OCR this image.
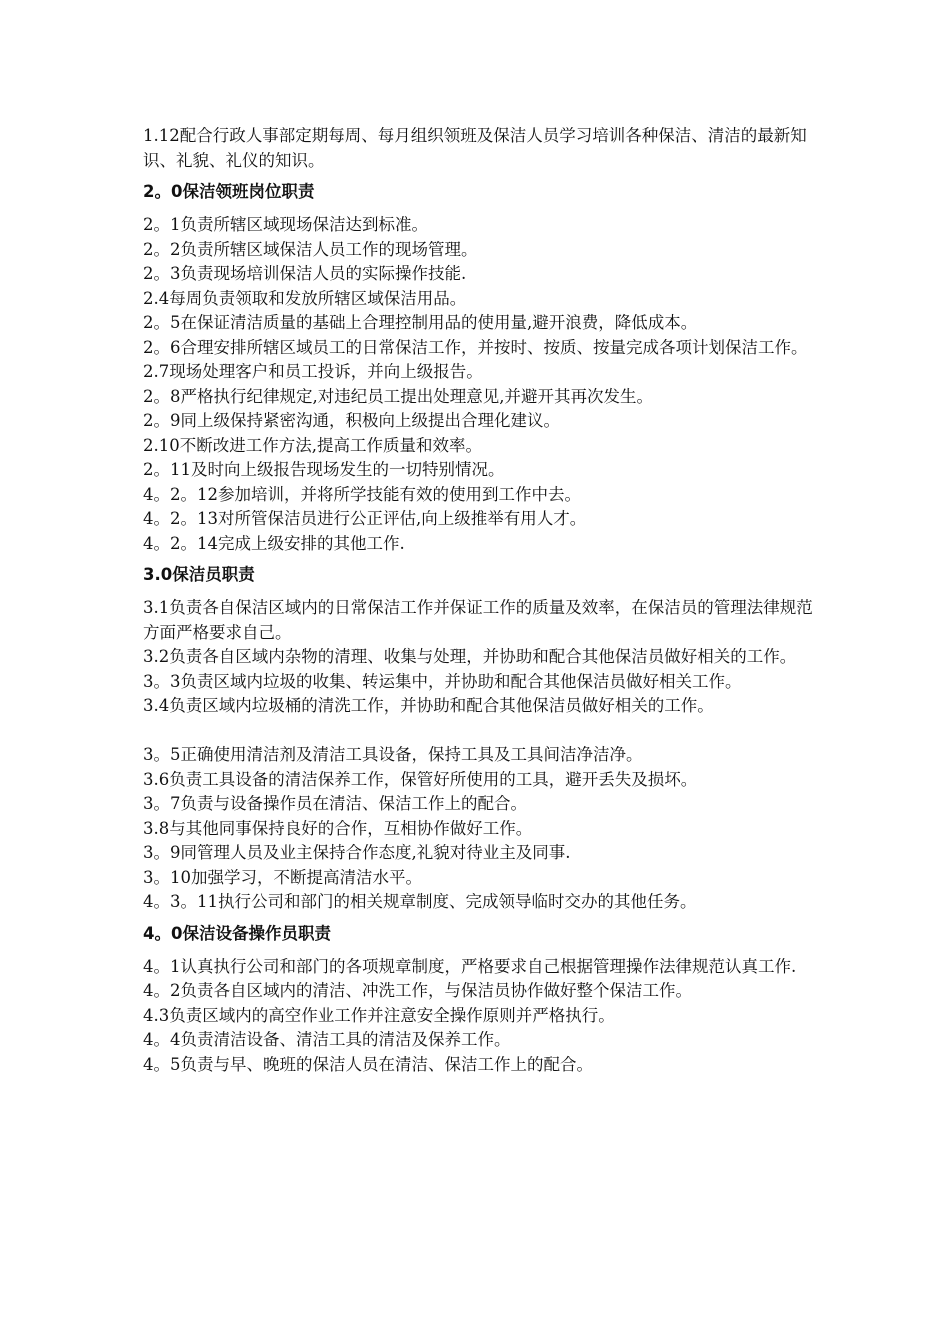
1.12配合行政人事部定期每周、每月组织领班及保洁人员学习培训各种保洁、清洁的最新知识、礼貌、礼仪的知识。

2。0保洁领班岗位职责

2。1负责所辖区域现场保洁达到标准。

2。2负责所辖区域保洁人员工作的现场管理。

2。3负责现场培训保洁人员的实际操作技能.

2.4每周负责领取和发放所辖区域保洁用品。

2。5在保证清洁质量的基础上合理控制用品的使用量,避开浪费，降低成本。

2。6合理安排所辖区域员工的日常保洁工作，并按时、按质、按量完成各项计划保洁工作。

2.7现场处理客户和员工投诉，并向上级报告。

2。8严格执行纪律规定,对违纪员工提出处理意见,并避开其再次发生。

2。9同上级保持紧密沟通，积极向上级提出合理化建议。

2.10不断改进工作方法,提高工作质量和效率。

2。11及时向上级报告现场发生的一切特别情况。

4。2。12参加培训，并将所学技能有效的使用到工作中去。

4。2。13对所管保洁员进行公正评估,向上级推举有用人才。

4。2。14完成上级安排的其他工作.

3.0保洁员职责

3.1负责各自保洁区域内的日常保洁工作并保证工作的质量及效率，在保洁员的管理法律规范方面严格要求自己。

3.2负责各自区域内杂物的清理、收集与处理，并协助和配合其他保洁员做好相关的工作。

3。3负责区域内垃圾的收集、转运集中，并协助和配合其他保洁员做好相关工作。

3.4负责区域内垃圾桶的清洗工作，并协助和配合其他保洁员做好相关的工作。

3。5正确使用清洁剂及清洁工具设备，保持工具及工具间洁净洁净。

3.6负责工具设备的清洁保养工作，保管好所使用的工具，避开丢失及损坏。

3。7负责与设备操作员在清洁、保洁工作上的配合。

3.8与其他同事保持良好的合作，互相协作做好工作。

3。9同管理人员及业主保持合作态度,礼貌对待业主及同事.

3。10加强学习，不断提高清洁水平。

4。3。11执行公司和部门的相关规章制度、完成领导临时交办的其他任务。

4。0保洁设备操作员职责

4。1认真执行公司和部门的各项规章制度，严格要求自己根据管理操作法律规范认真工作.

4。2负责各自区域内的清洁、冲洗工作，与保洁员协作做好整个保洁工作。

4.3负责区域内的高空作业工作并注意安全操作原则并严格执行。

4。4负责清洁设备、清洁工具的清洁及保养工作。

4。5负责与早、晚班的保洁人员在清洁、保洁工作上的配合。
